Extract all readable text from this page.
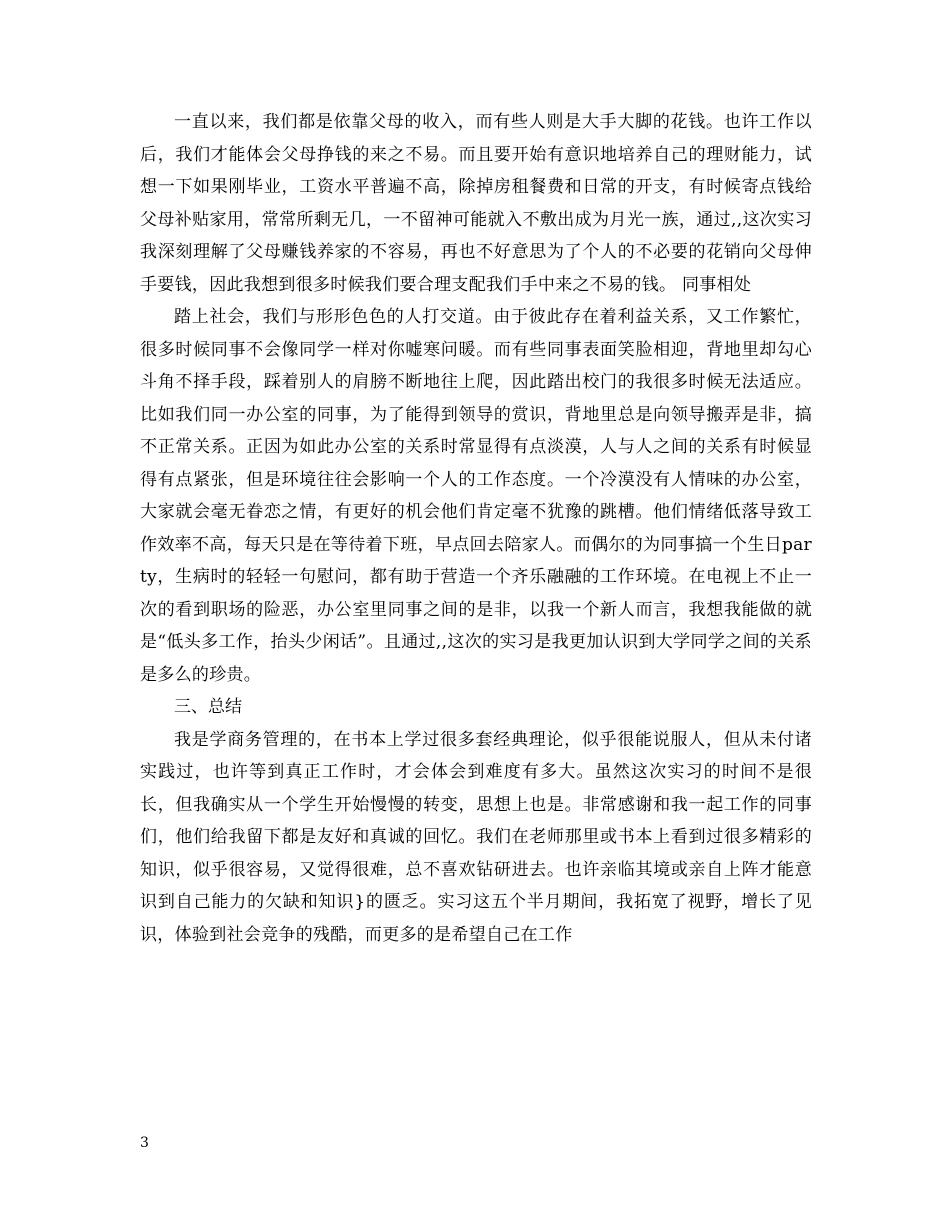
一直以来，我们都是依靠父母的收入，而有些人则是大手大脚的花钱。也许工作以后，我们才能体会父母挣钱的来之不易。而且要开始有意识地培养自己的理财能力，试想一下如果刚毕业，工资水平普遍不高，除掉房租餐费和日常的开支，有时候寄点钱给父母补贴家用，常常所剩无几，一不留神可能就入不敷出成为月光一族，通过,,这次实习我深刻理解了父母赚钱养家的不容易，再也不好意思为了个人的不必要的花销向父母伸手要钱，因此我想到很多时候我们要合理支配我们手中来之不易的钱。 同事相处

踏上社会，我们与形形色色的人打交道。由于彼此存在着利益关系，又工作繁忙，很多时候同事不会像同学一样对你嘘寒问暖。而有些同事表面笑脸相迎，背地里却勾心斗角不择手段，踩着别人的肩膀不断地往上爬，因此踏出校门的我很多时候无法适应。比如我们同一办公室的同事，为了能得到领导的赏识，背地里总是向领导搬弄是非，搞不正常关系。正因为如此办公室的关系时常显得有点淡漠，人与人之间的关系有时候显得有点紧张，但是环境往往会影响一个人的工作态度。一个冷漠没有人情味的办公室，大家就会毫无眷恋之情，有更好的机会他们肯定毫不犹豫的跳槽。他们情绪低落导致工作效率不高，每天只是在等待着下班，早点回去陪家人。而偶尔的为同事搞一个生日party，生病时的轻轻一句慰问，都有助于营造一个齐乐融融的工作环境。在电视上不止一次的看到职场的险恶，办公室里同事之间的是非，以我一个新人而言，我想我能做的就是“低头多工作，抬头少闲话”。且通过,,这次的实习是我更加认识到大学同学之间的关系是多么的珍贵。

三、总结

我是学商务管理的，在书本上学过很多套经典理论，似乎很能说服人，但从未付诸实践过，也许等到真正工作时，才会体会到难度有多大。虽然这次实习的时间不是很长，但我确实从一个学生开始慢慢的转变，思想上也是。非常感谢和我一起工作的同事们，他们给我留下都是友好和真诚的回忆。我们在老师那里或书本上看到过很多精彩的知识，似乎很容易，又觉得很难，总不喜欢钻研进去。也许亲临其境或亲自上阵才能意识到自己能力的欠缺和知识}的匮乏。实习这五个半月期间，我拓宽了视野，增长了见识，体验到社会竞争的残酷，而更多的是希望自己在工作

3
